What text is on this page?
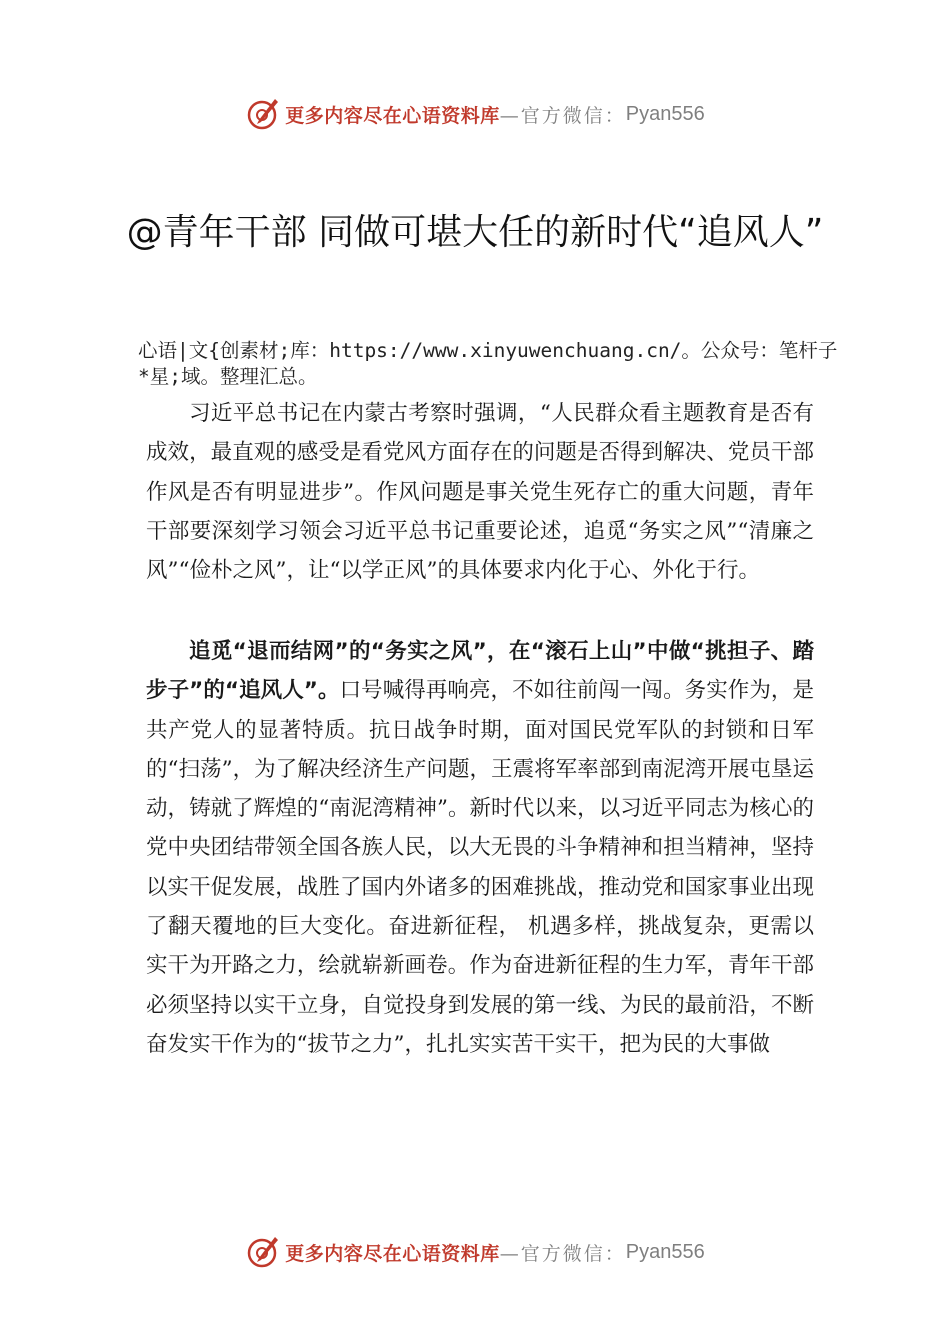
更多内容尽在心语资料库 —官方微信： Pyan556
@青年干部 同做可堪大任的新时代“追风人”
心语|文{创素材;库：https://www.xinyuwenchuang.cn/。公众号：笔杆子*星;域。整理汇总。

习近平总书记在内蒙古考察时强调，“人民群众看主题教育是否有成效，最直观的感受是看党风方面存在的问题是否得到解决、党员干部作风是否有明显进步”。作风问题是事关党生死存亡的重大问题，青年干部要深刻学习领会习近平总书记重要论述，追觅“务实之风”“清廉之风”“俭朴之风”，让“以学正风”的具体要求内化于心、外化于行。

追觅“退而结网”的“务实之风”，在“滚石上山”中做“挑担子、踏步子”的“追风人”。口号喊得再响亮，不如往前闯一闯。务实作为，是共产党人的显著特质。抗日战争时期，面对国民党军队的封锁和日军的“扫荡”，为了解决经济生产问题，王震将军率部到南泥湾开展屯垦运动，铸就了辉煌的“南泥湾精神”。新时代以来，以习近平同志为核心的党中央团结带领全国各族人民，以大无畏的斗争精神和担当精神，坚持以实干促发展，战胜了国内外诸多的困难挑战，推动党和国家事业出现了翻天覆地的巨大变化。奋进新征程， 机遇多样，挑战复杂，更需以实干为开路之力，绘就崭新画卷。作为奋进新征程的生力军，青年干部必须坚持以实干立身，自觉投身到发展的第一线、为民的最前沿，不断奋发实干作为的“拔节之力”，扎扎实实苦干实干，把为民的大事做

更多内容尽在心语资料库 —官方微信： Pyan556
